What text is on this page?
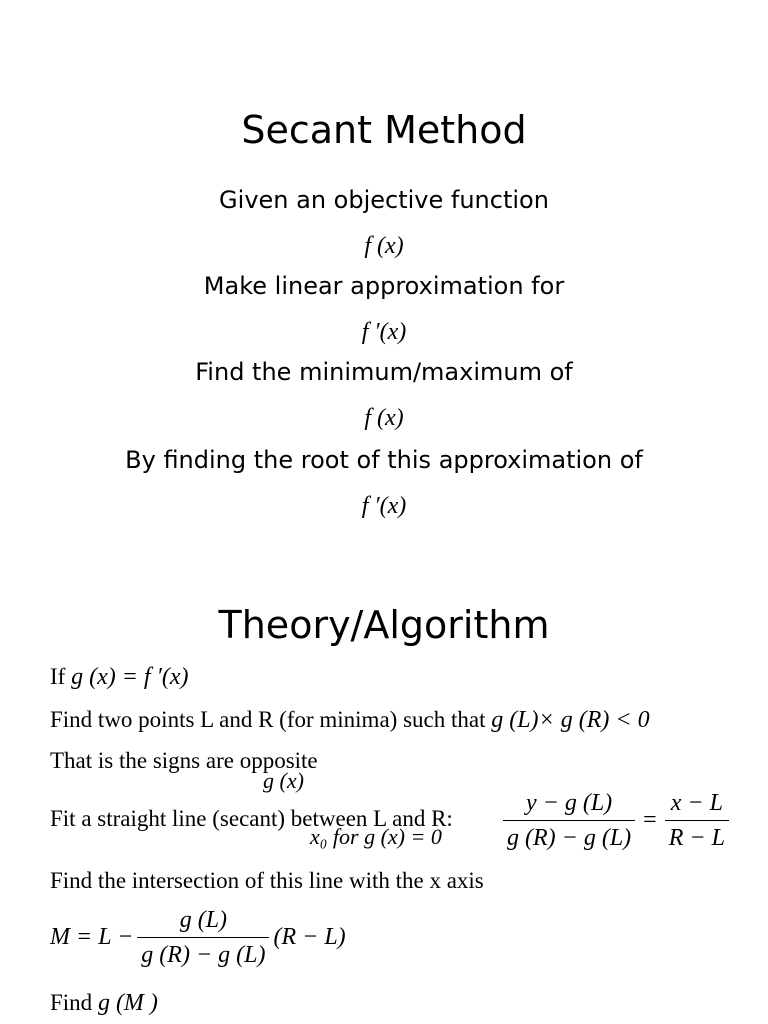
Secant Method
Given an objective function
f (x)
Make linear approximation for
f ′(x)
Find the minimum/maximum of
f (x)
By finding the root of this approximation of
f ′(x)
Theory/Algorithm
If g (x) = f ′(x)
Find two points L and R (for minima) such that g (L)× g (R) < 0
That is the signs are opposite
g (x)
Fit a straight line (secant) between L and R:
x₀ for g (x) = 0	$\frac{y - g (L)}{g (R) - g (L)} = \frac{x - L}{R - L}$
Find the intersection of this line with the x axis
$M = L - \frac{g (L)}{g (R) - g (L)} (R - L)$
Find g (M )
